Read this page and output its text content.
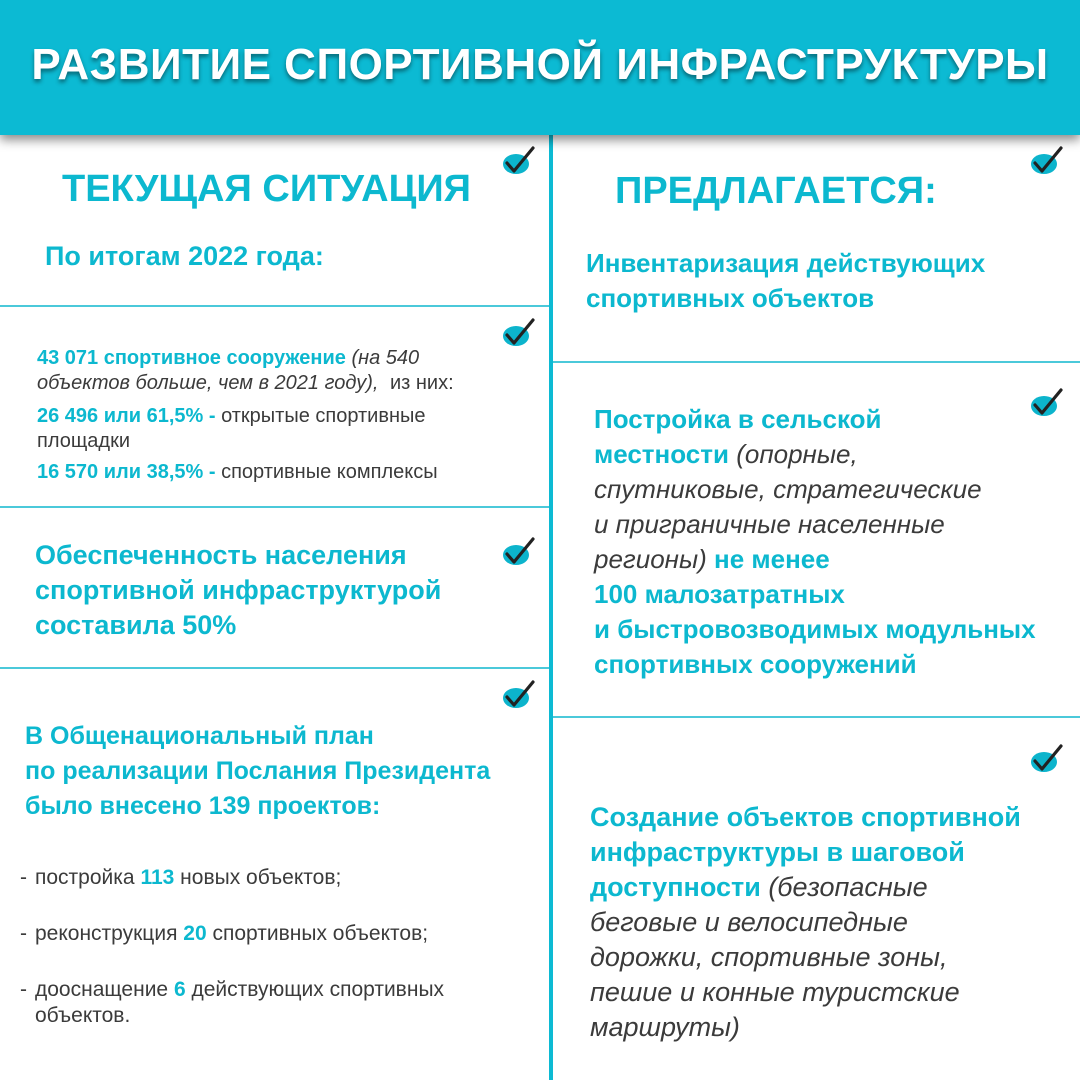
РАЗВИТИЕ СПОРТИВНОЙ ИНФРАСТРУКТУРЫ
ТЕКУЩАЯ СИТУАЦИЯ
По итогам 2022 года:
43 071 спортивное сооружение (на 540
объектов больше, чем в 2021 году), из них:
26 496 или 61,5% - открытые спортивные
площадки
16 570 или 38,5% - спортивные комплексы
Обеспеченность населения
спортивной инфраструктурой
составила 50%
В Общенациональный план
по реализации Послания Президента
было внесено 139 проектов:
- постройка 113 новых объектов;
- реконструкция 20 спортивных объектов;
- дооснащение 6 действующих спортивных
объектов.
ПРЕДЛАГАЕТСЯ:
Инвентаризация действующих
спортивных объектов
Постройка в сельской
местности (опорные,
спутниковые, стратегические
и приграничные населенные
регионы) не менее
100 малозатратных
и быстровозводимых модульных
спортивных сооружений
Создание объектов спортивной
инфраструктуры в шаговой
доступности (безопасные
беговые и велосипедные
дорожки, спортивные зоны,
пешие и конные туристские
маршруты)
